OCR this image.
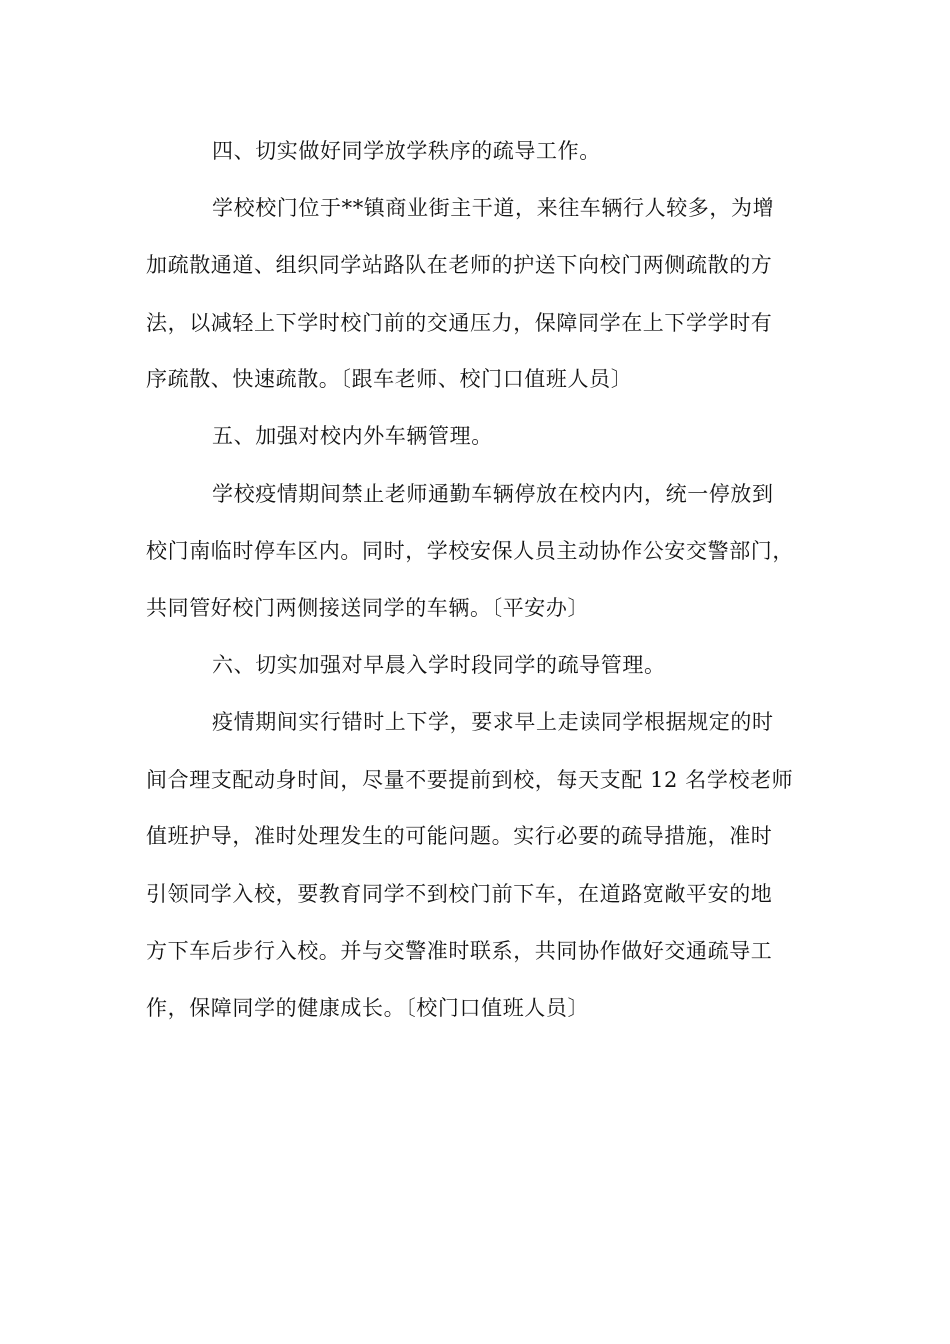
四、切实做好同学放学秩序的疏导工作。
学校校门位于**镇商业街主干道，来往车辆行人较多，为增
加疏散通道、组织同学站路队在老师的护送下向校门两侧疏散的方
法，以减轻上下学时校门前的交通压力，保障同学在上下学学时有
序疏散、快速疏散。〔跟车老师、校门口值班人员〕
五、加强对校内外车辆管理。
学校疫情期间禁止老师通勤车辆停放在校内内，统一停放到
校门南临时停车区内。同时，学校安保人员主动协作公安交警部门，
共同管好校门两侧接送同学的车辆。〔平安办〕
六、切实加强对早晨入学时段同学的疏导管理。
疫情期间实行错时上下学，要求早上走读同学根据规定的时
间合理支配动身时间，尽量不要提前到校，每天支配 12 名学校老师
值班护导，准时处理发生的可能问题。实行必要的疏导措施，准时
引领同学入校，要教育同学不到校门前下车，在道路宽敞平安的地
方下车后步行入校。并与交警准时联系，共同协作做好交通疏导工
作，保障同学的健康成长。〔校门口值班人员〕
